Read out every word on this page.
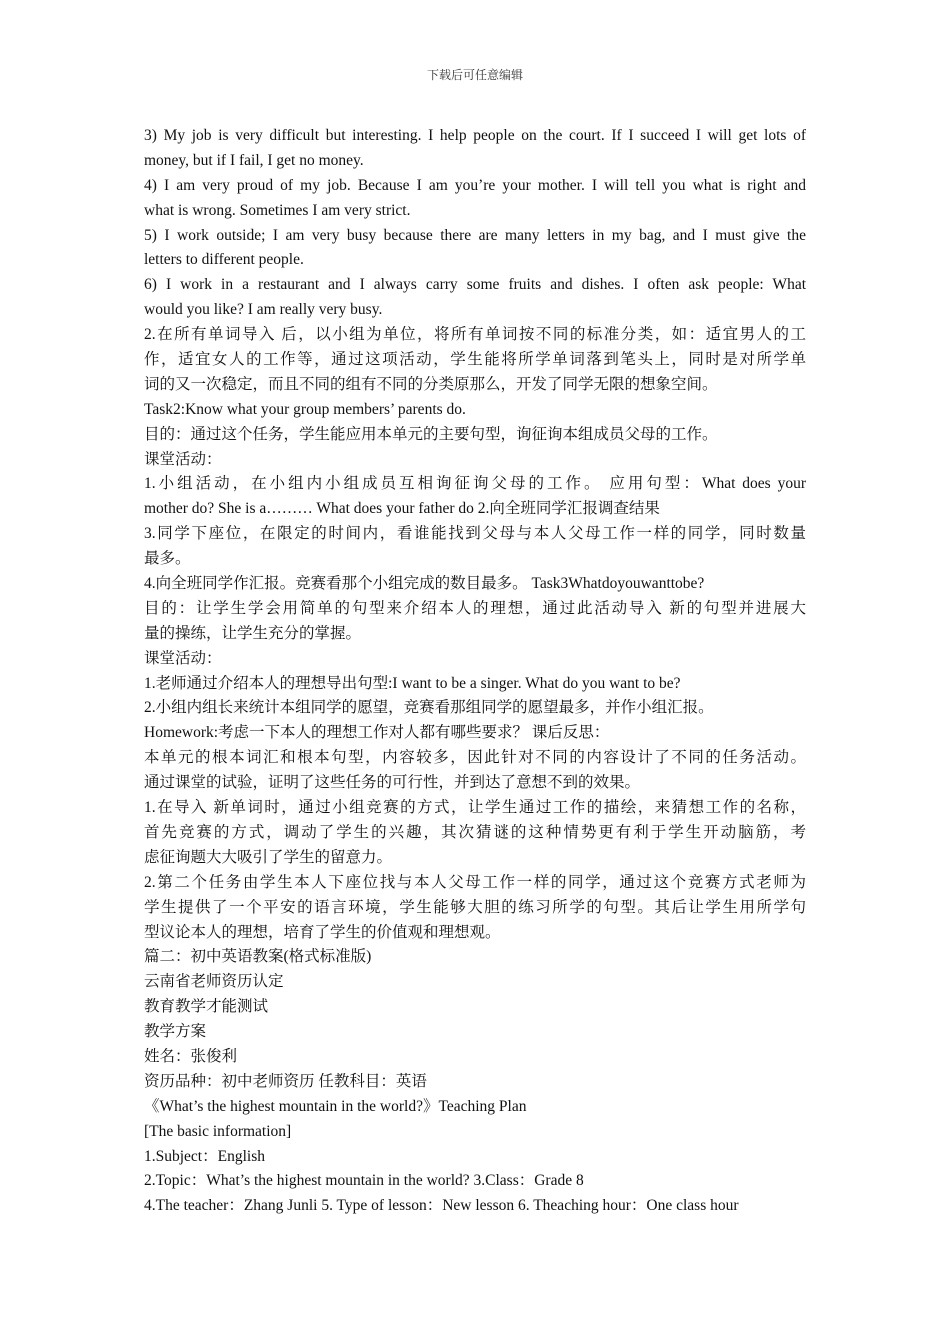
下载后可任意编辑
3) My job is very difficult but interesting. I help people on the court. If I succeed I will get lots of
money, but if I fail, I get no money.
4) I am very proud of my job. Because I am you’re your mother. I will tell you what is right and
what is wrong. Sometimes I am very strict.
5) I work outside; I am very busy because there are many letters in my bag, and I must give the
letters to different people.
6) I work in a restaurant and I always carry some fruits and dishes. I often ask people: What
would you like? I am really very busy.
2.在所有单词导入 后，以小组为单位，将所有单词按不同的标准分类，如：适宜男人的工
作，适宜女人的工作等，通过这项活动，学生能将所学单词落到笔头上，同时是对所学单
词的又一次稳定，而且不同的组有不同的分类原那么，开发了同学无限的想象空间。
Task2:Know what your group members’ parents do.
目的：通过这个任务，学生能应用本单元的主要句型，询征询本组成员父母的工作。
课堂活动：
1.小组活动，在小组内小组成员互相询征询父母的工作。 应用句型：What does your
mother do? She is a……… What does your father do 2.向全班同学汇报调查结果
3.同学下座位，在限定的时间内，看谁能找到父母与本人父母工作一样的同学，同时数量
最多。
4.向全班同学作汇报。竞赛看那个小组完成的数目最多。 Task3Whatdoyouwanttobe?
目的：让学生学会用简单的句型来介绍本人的理想，通过此活动导入 新的句型并进展大
量的操练，让学生充分的掌握。
课堂活动：
1.老师通过介绍本人的理想导出句型:I want to be a singer. What do you want to be?
2.小组内组长来统计本组同学的愿望，竞赛看那组同学的愿望最多，并作小组汇报。
Homework:考虑一下本人的理想工作对人都有哪些要求？ 课后反思：
本单元的根本词汇和根本句型，内容较多，因此针对不同的内容设计了不同的任务活动。
通过课堂的试验，证明了这些任务的可行性，并到达了意想不到的效果。
1.在导入 新单词时，通过小组竞赛的方式，让学生通过工作的描绘，来猜想工作的名称，
首先竞赛的方式，调动了学生的兴趣，其次猜谜的这种情势更有利于学生开动脑筋，考
虑征询题大大吸引了学生的留意力。
2.第二个任务由学生本人下座位找与本人父母工作一样的同学，通过这个竞赛方式老师为
学生提供了一个平安的语言环境，学生能够大胆的练习所学的句型。其后让学生用所学句
型议论本人的理想，培育了学生的价值观和理想观。
篇二：初中英语教案(格式标准版)
云南省老师资历认定
教育教学才能测试
教学方案
姓名：张俊利
资历品种：初中老师资历 任教科目：英语
《What’s the highest mountain in the world?》Teaching Plan
[The basic information]
1.Subject：English
2.Topic：What’s the highest mountain in the world? 3.Class：Grade 8
4.The teacher：Zhang Junli 5. Type of lesson：New lesson 6. Theaching hour：One class hour
